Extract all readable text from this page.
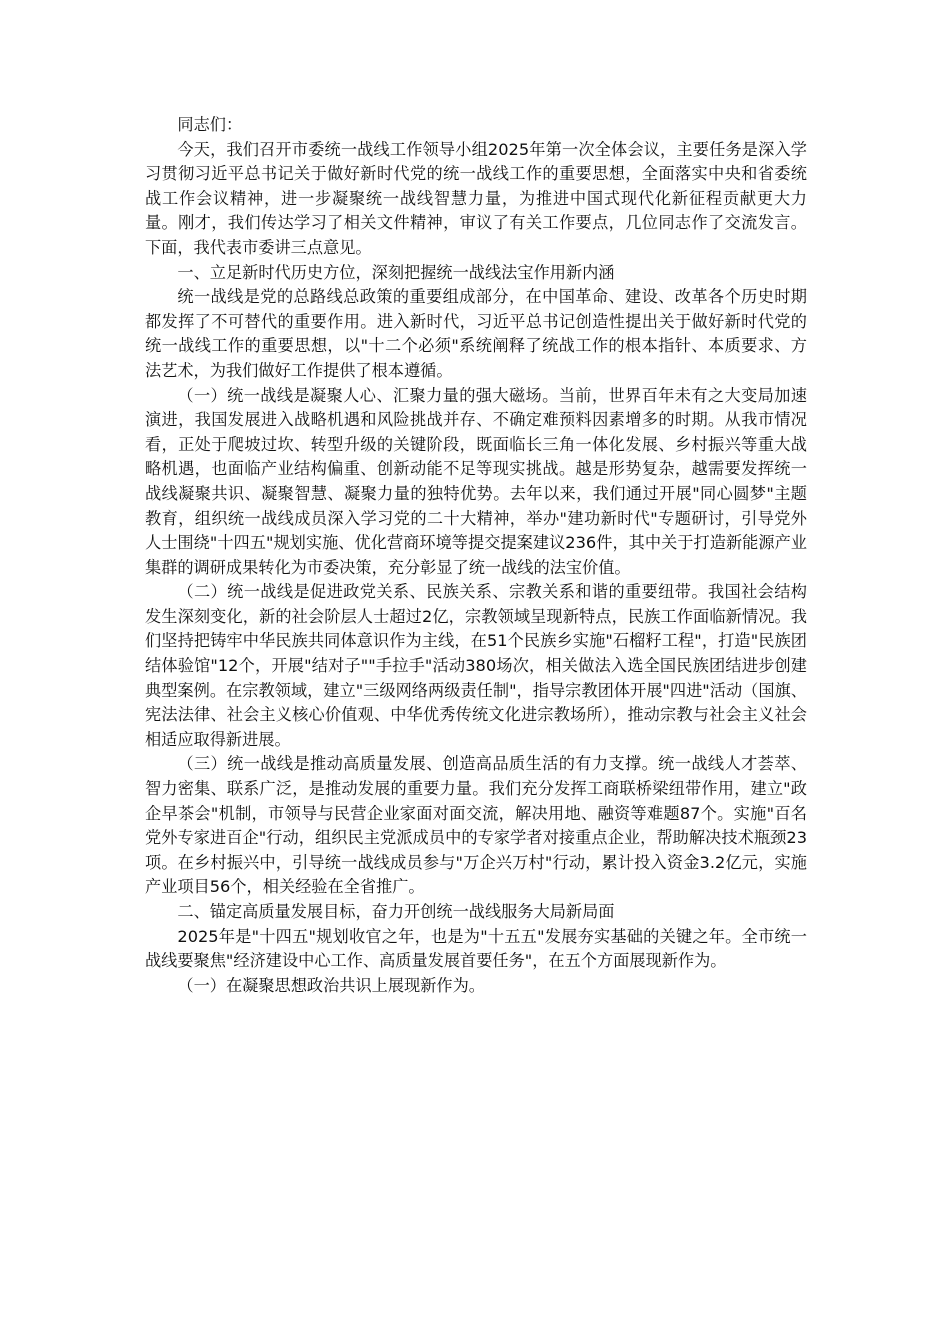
同志们：

今天，我们召开市委统一战线工作领导小组2025年第一次全体会议，主要任务是深入学习贯彻习近平总书记关于做好新时代党的统一战线工作的重要思想，全面落实中央和省委统战工作会议精神，进一步凝聚统一战线智慧力量，为推进中国式现代化新征程贡献更大力量。刚才，我们传达学习了相关文件精神，审议了有关工作要点，几位同志作了交流发言。下面，我代表市委讲三点意见。

一、立足新时代历史方位，深刻把握统一战线法宝作用新内涵

统一战线是党的总路线总政策的重要组成部分，在中国革命、建设、改革各个历史时期都发挥了不可替代的重要作用。进入新时代，习近平总书记创造性提出关于做好新时代党的统一战线工作的重要思想，以"十二个必须"系统阐释了统战工作的根本指针、本质要求、方法艺术，为我们做好工作提供了根本遵循。

（一）统一战线是凝聚人心、汇聚力量的强大磁场。当前，世界百年未有之大变局加速演进，我国发展进入战略机遇和风险挑战并存、不确定难预料因素增多的时期。从我市情况看，正处于爬坡过坎、转型升级的关键阶段，既面临长三角一体化发展、乡村振兴等重大战略机遇，也面临产业结构偏重、创新动能不足等现实挑战。越是形势复杂，越需要发挥统一战线凝聚共识、凝聚智慧、凝聚力量的独特优势。去年以来，我们通过开展"同心圆梦"主题教育，组织统一战线成员深入学习党的二十大精神，举办"建功新时代"专题研讨，引导党外人士围绕"十四五"规划实施、优化营商环境等提交提案建议236件，其中关于打造新能源产业集群的调研成果转化为市委决策，充分彰显了统一战线的法宝价值。

（二）统一战线是促进政党关系、民族关系、宗教关系和谐的重要纽带。我国社会结构发生深刻变化，新的社会阶层人士超过2亿，宗教领域呈现新特点，民族工作面临新情况。我们坚持把铸牢中华民族共同体意识作为主线，在51个民族乡实施"石榴籽工程"，打造"民族团结体验馆"12个，开展"结对子""手拉手"活动380场次，相关做法入选全国民族团结进步创建典型案例。在宗教领域，建立"三级网络两级责任制"，指导宗教团体开展"四进"活动（国旗、宪法法律、社会主义核心价值观、中华优秀传统文化进宗教场所），推动宗教与社会主义社会相适应取得新进展。

（三）统一战线是推动高质量发展、创造高品质生活的有力支撑。统一战线人才荟萃、智力密集、联系广泛，是推动发展的重要力量。我们充分发挥工商联桥梁纽带作用，建立"政企早茶会"机制，市领导与民营企业家面对面交流，解决用地、融资等难题87个。实施"百名党外专家进百企"行动，组织民主党派成员中的专家学者对接重点企业，帮助解决技术瓶颈23项。在乡村振兴中，引导统一战线成员参与"万企兴万村"行动，累计投入资金3.2亿元，实施产业项目56个，相关经验在全省推广。

二、锚定高质量发展目标，奋力开创统一战线服务大局新局面

2025年是"十四五"规划收官之年，也是为"十五五"发展夯实基础的关键之年。全市统一战线要聚焦"经济建设中心工作、高质量发展首要任务"，在五个方面展现新作为。

（一）在凝聚思想政治共识上展现新作为。
